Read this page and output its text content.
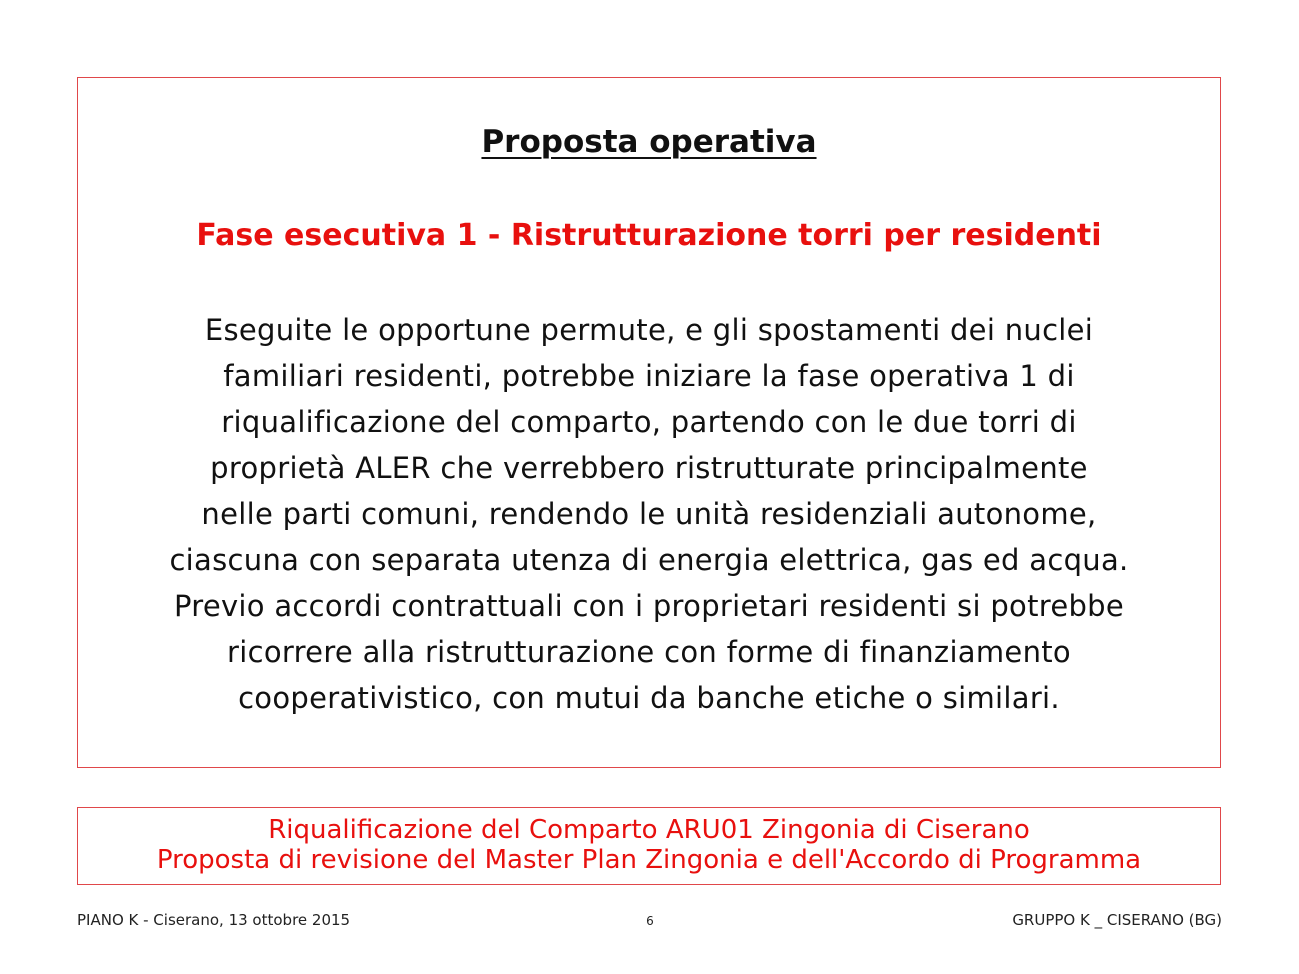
Proposta operativa
Fase esecutiva 1 - Ristrutturazione torri per residenti
Eseguite le opportune permute, e gli spostamenti dei nuclei
familiari residenti, potrebbe iniziare la fase operativa 1 di
riqualificazione del comparto, partendo con le due torri di
proprietà ALER che verrebbero ristrutturate principalmente
nelle parti comuni, rendendo le unità residenziali autonome,
ciascuna con separata utenza di energia elettrica, gas ed acqua.
Previo accordi contrattuali con i proprietari residenti si potrebbe
ricorrere alla ristrutturazione con forme di finanziamento
cooperativistico, con mutui da banche etiche o similari.
Riqualificazione del Comparto ARU01 Zingonia di Ciserano
Proposta di revisione del Master Plan Zingonia e dell'Accordo di Programma
PIANO K - Ciserano, 13 ottobre 2015	6	GRUPPO K _ CISERANO (BG)
